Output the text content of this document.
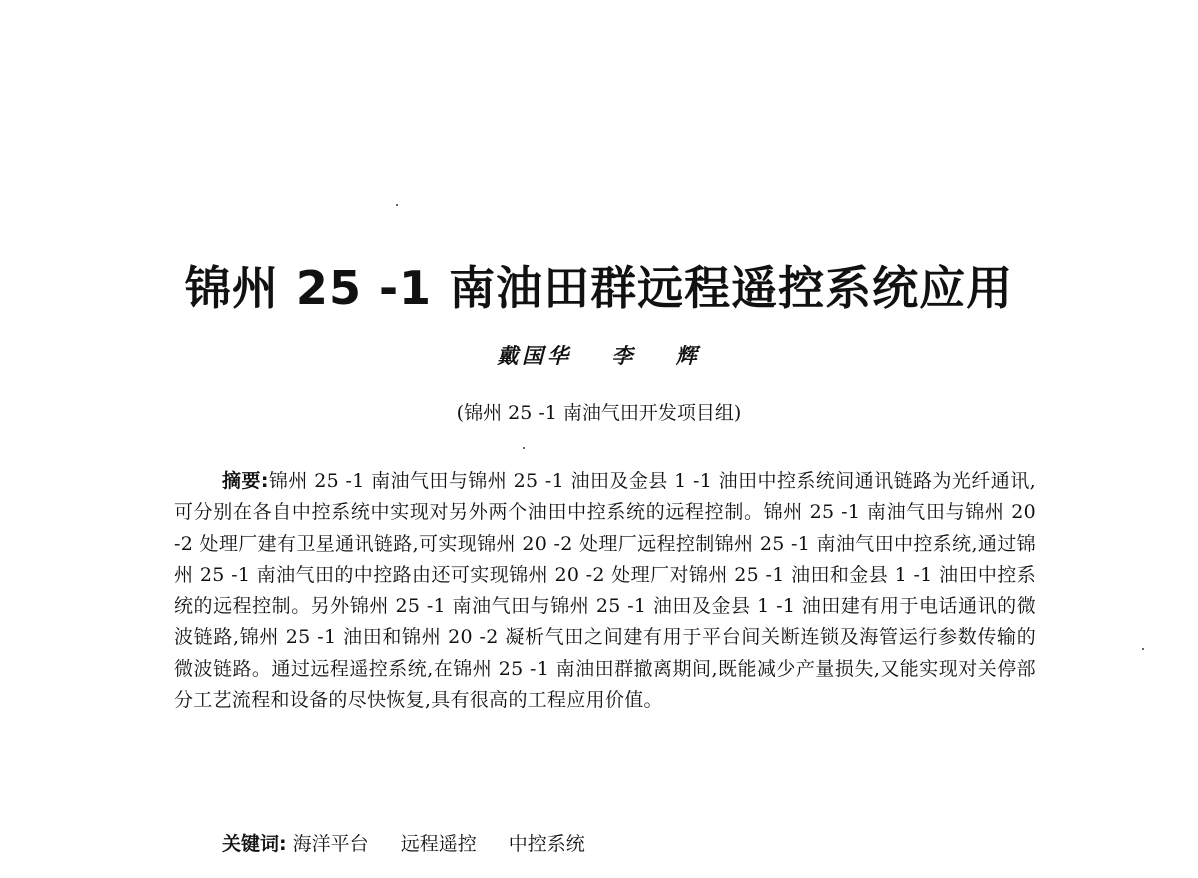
锦州 25 -1 南油田群远程遥控系统应用
戴国华 李 辉
(锦州 25 -1 南油气田开发项目组)
摘要:锦州 25 -1 南油气田与锦州 25 -1 油田及金县 1 -1 油田中控系统间通讯链路为光纤通讯,可分别在各自中控系统中实现对另外两个油田中控系统的远程控制。锦州 25 -1 南油气田与锦州 20 -2 处理厂建有卫星通讯链路,可实现锦州 20 -2 处理厂远程控制锦州 25 -1 南油气田中控系统,通过锦州 25 -1 南油气田的中控路由还可实现锦州 20 -2 处理厂对锦州 25 -1 油田和金县 1 -1 油田中控系统的远程控制。另外锦州 25 -1 南油气田与锦州 25 -1 油田及金县 1 -1 油田建有用于电话通讯的微波链路,锦州 25 -1 油田和锦州 20 -2 凝析气田之间建有用于平台间关断连锁及海管运行参数传输的微波链路。通过远程遥控系统,在锦州 25 -1 南油田群撤离期间,既能减少产量损失,又能实现对关停部分工艺流程和设备的尽快恢复,具有很高的工程应用价值。
关键词: 海洋平台 远程遥控 中控系统
